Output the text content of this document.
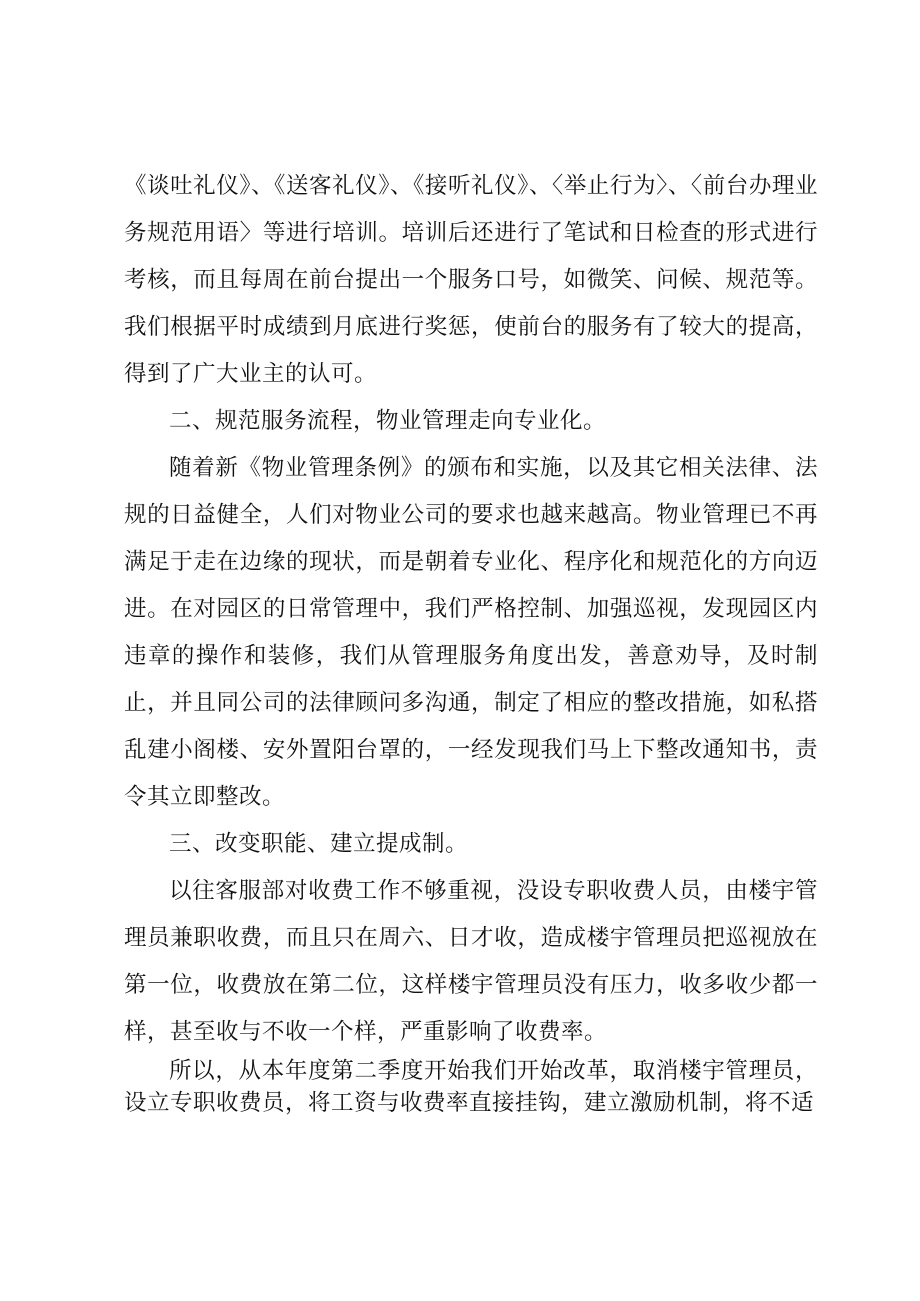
《谈吐礼仪》、《送客礼仪》、《接听礼仪》、〈举止行为〉、〈前台办理业务规范用语〉等进行培训。培训后还进行了笔试和日检查的形式进行考核，而且每周在前台提出一个服务口号，如微笑、问候、规范等。我们根据平时成绩到月底进行奖惩，使前台的服务有了较大的提高，得到了广大业主的认可。

二、规范服务流程，物业管理走向专业化。

随着新《物业管理条例》的颁布和实施，以及其它相关法律、法规的日益健全，人们对物业公司的要求也越来越高。物业管理已不再满足于走在边缘的现状，而是朝着专业化、程序化和规范化的方向迈进。在对园区的日常管理中，我们严格控制、加强巡视，发现园区内违章的操作和装修，我们从管理服务角度出发，善意劝导，及时制止，并且同公司的法律顾问多沟通，制定了相应的整改措施，如私搭乱建小阁楼、安外置阳台罩的，一经发现我们马上下整改通知书，责令其立即整改。

三、改变职能、建立提成制。

以往客服部对收费工作不够重视，没设专职收费人员，由楼宇管理员兼职收费，而且只在周六、日才收，造成楼宇管理员把巡视放在第一位，收费放在第二位，这样楼宇管理员没有压力，收多收少都一样，甚至收与不收一个样，严重影响了收费率。

所以，从本年度第二季度开始我们开始改革，取消楼宇管理员，设立专职收费员，将工资与收费率直接挂钩，建立激励机制，将不适
